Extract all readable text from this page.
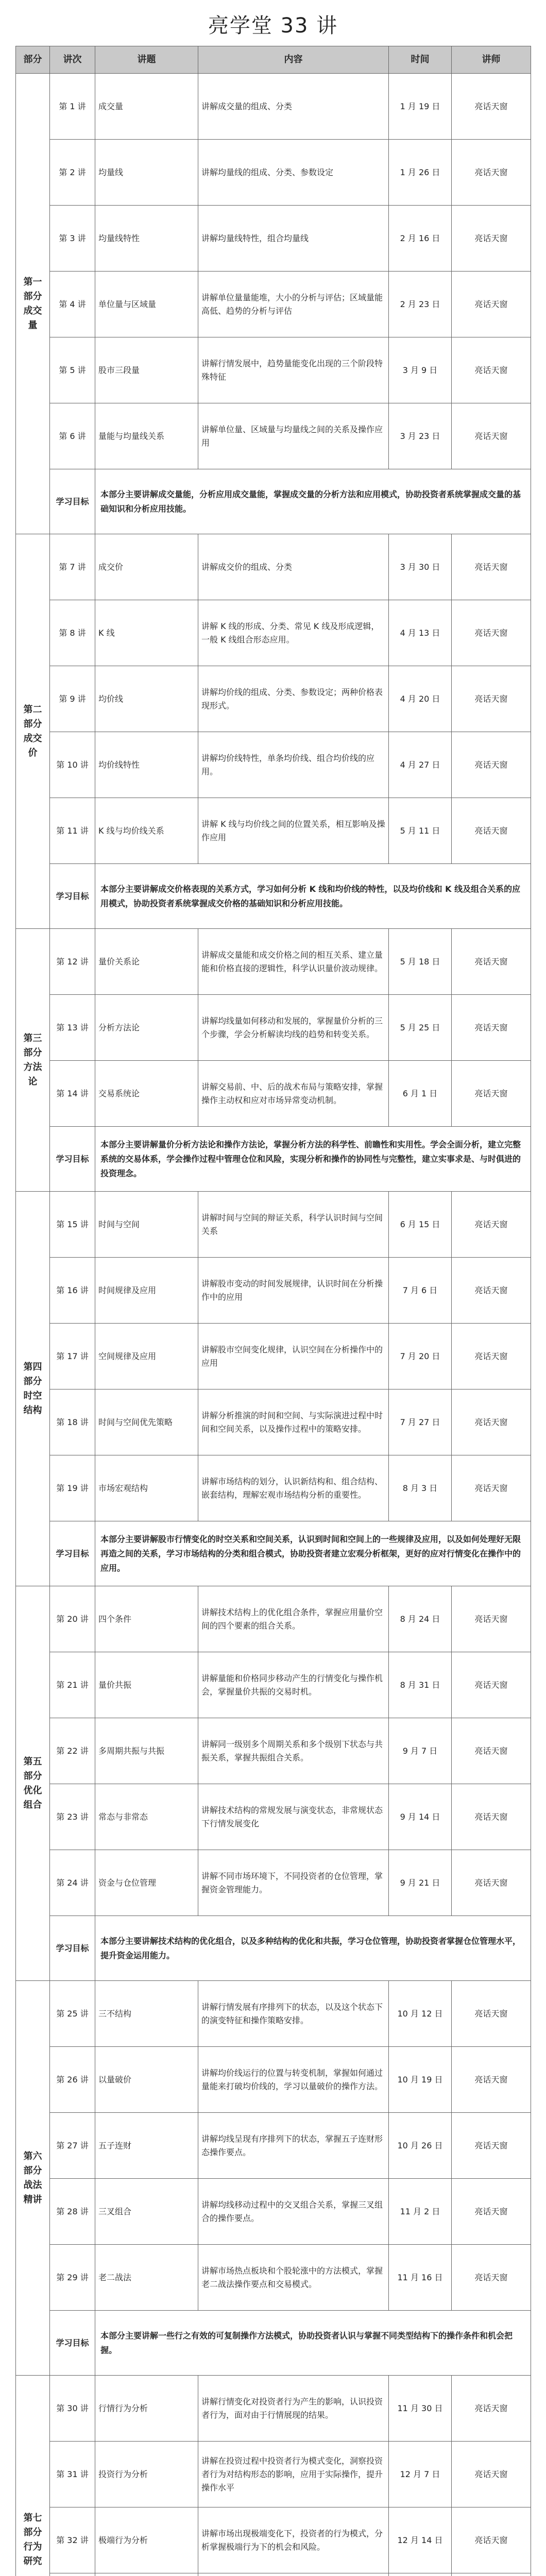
亮学堂 33 讲
部分	讲次	讲题	内容	时间	讲师
第一部分 成交量	第 1 讲	成交量	讲解成交量的组成、分类	1 月 19 日	亮话天窗
	第 2 讲	均量线	讲解均量线的组成、分类、参数设定	1 月 26 日	亮话天窗
	第 3 讲	均量线特性	讲解均量线特性，组合均量线	2 月 16 日	亮话天窗
	第 4 讲	单位量与区域量	讲解单位量量能堆，大小的分析与评估；区域量能高低、趋势的分析与评估	2 月 23 日	亮话天窗
	第 5 讲	股市三段量	讲解行情发展中，趋势量能变化出现的三个阶段特殊特征	3 月 9 日	亮话天窗
	第 6 讲	量能与均量线关系	讲解单位量、区域量与均量线之间的关系及操作应用	3 月 23 日	亮话天窗
	学习目标	本部分主要讲解成交量能，分析应用成交量能，掌握成交量的分析方法和应用模式，协助投资者系统掌握成交量的基础知识和分析应用技能。			
第二部分 成交价	第 7 讲	成交价	讲解成交价的组成、分类	3 月 30 日	亮话天窗
	第 8 讲	K 线	讲解 K 线的形成、分类、常见 K 线及形成逻辑，一般 K 线组合形态应用。	4 月 13 日	亮话天窗
	第 9 讲	均价线	讲解均价线的组成、分类、参数设定；两种价格表现形式。	4 月 20 日	亮话天窗
	第 10 讲	均价线特性	讲解均价线特性，单条均价线、组合均价线的应用。	4 月 27 日	亮话天窗
	第 11 讲	K 线与均价线关系	讲解 K 线与均价线之间的位置关系，相互影响及操作应用	5 月 11 日	亮话天窗
	学习目标	本部分主要讲解成交价格表现的关系方式，学习如何分析 K 线和均价线的特性，以及均价线和 K 线及组合关系的应用模式，协助投资者系统掌握成交价格的基础知识和分析应用技能。			
第三部分 方法论	第 12 讲	量价关系论	讲解成交量能和成交价格之间的相互关系、建立量能和价格直接的逻辑性，科学认识量价波动规律。	5 月 18 日	亮话天窗
	第 13 讲	分析方法论	讲解均线量如何移动和发展的，掌握量价分析的三个步骤，学会分析解读均线的趋势和转变关系。	5 月 25 日	亮话天窗
	第 14 讲	交易系统论	讲解交易前、中、后的战术布局与策略安排，掌握操作主动权和应对市场异常变动机制。	6 月 1 日	亮话天窗
	学习目标	本部分主要讲解量价分析方法论和操作方法论，掌握分析方法的科学性、前瞻性和实用性。学会全面分析，建立完整系统的交易体系，学会操作过程中管理仓位和风险，实现分析和操作的协同性与完整性，建立实事求是、与时俱进的投资理念。			
第四部分 时空结构	第 15 讲	时间与空间	讲解时间与空间的辩证关系，科学认识时间与空间关系	6 月 15 日	亮话天窗
	第 16 讲	时间规律及应用	讲解股市变动的时间发展规律，认识时间在分析操作中的应用	7 月 6 日	亮话天窗
	第 17 讲	空间规律及应用	讲解股市空间变化规律，认识空间在分析操作中的应用	7 月 20 日	亮话天窗
	第 18 讲	时间与空间优先策略	讲解分析推演的时间和空间、与实际演进过程中时间和空间关系，以及操作过程中的策略安排。	7 月 27 日	亮话天窗
	第 19 讲	市场宏观结构	讲解市场结构的划分，认识新结构和、组合结构、嵌套结构，理解宏观市场结构分析的重要性。	8 月 3 日	亮话天窗
	学习目标	本部分主要讲解股市行情变化的时空关系和空间关系，认识到时间和空间上的一些规律及应用，以及如何处理好无限再造之间的关系，学习市场结构的分类和组合模式，协助投资者建立宏观分析框架，更好的应对行情变化在操作中的应用。			
第五部分 优化组合	第 20 讲	四个条件	讲解技术结构上的优化组合条件，掌握应用量价空间的四个要素的组合关系。	8 月 24 日	亮话天窗
	第 21 讲	量价共振	讲解量能和价格同步移动产生的行情变化与操作机会，掌握量价共振的交易时机。	8 月 31 日	亮话天窗
	第 22 讲	多周期共振与共振	讲解同一级别多个周期关系和多个级别下状态与共振关系，掌握共振组合关系。	9 月 7 日	亮话天窗
	第 23 讲	常态与非常态	讲解技术结构的常规发展与演变状态，非常规状态下行情发展变化	9 月 14 日	亮话天窗
	第 24 讲	资金与仓位管理	讲解不同市场环境下，不同投资者的仓位管理，掌握资金管理能力。	9 月 21 日	亮话天窗
	学习目标	本部分主要讲解技术结构的优化组合，以及多种结构的优化和共振，学习仓位管理，协助投资者掌握仓位管理水平，提升资金运用能力。			
第六部分 战法精讲	第 25 讲	三不结构	讲解行情发展有序排列下的状态，以及这个状态下的演变特征和操作策略安排。	10 月 12 日	亮话天窗
	第 26 讲	以量破价	讲解均价线运行的位置与转变机制，掌握如何通过量能来打破均价线的，学习以量破价的操作方法。	10 月 19 日	亮话天窗
	第 27 讲	五子连财	讲解均线呈现有序排列下的状态，掌握五子连财形态操作要点。	10 月 26 日	亮话天窗
	第 28 讲	三叉组合	讲解均线移动过程中的交叉组合关系，掌握三叉组合的操作要点。	11 月 2 日	亮话天窗
	第 29 讲	老二战法	讲解市场热点板块和个股轮涨中的方法模式，掌握老二战法操作要点和交易模式。	11 月 16 日	亮话天窗
	学习目标	本部分主要讲解一些行之有效的可复制操作方法模式，协助投资者认识与掌握不同类型结构下的操作条件和机会把握。			
第七部分 行为研究	第 30 讲	行情行为分析	讲解行情变化对投资者行为产生的影响，认识投资者行为，面对由于行情展现的结果。	11 月 30 日	亮话天窗
	第 31 讲	投资行为分析	讲解在投资过程中投资者行为模式变化，洞察投资者行为对结构形态的影响，应用于实际操作，提升操作水平	12 月 7 日	亮话天窗
	第 32 讲	极端行为分析	讲解市场出现极端变化下，投资者的行为模式，分析掌握极端行为下的机会和风险。	12 月 14 日	亮话天窗
